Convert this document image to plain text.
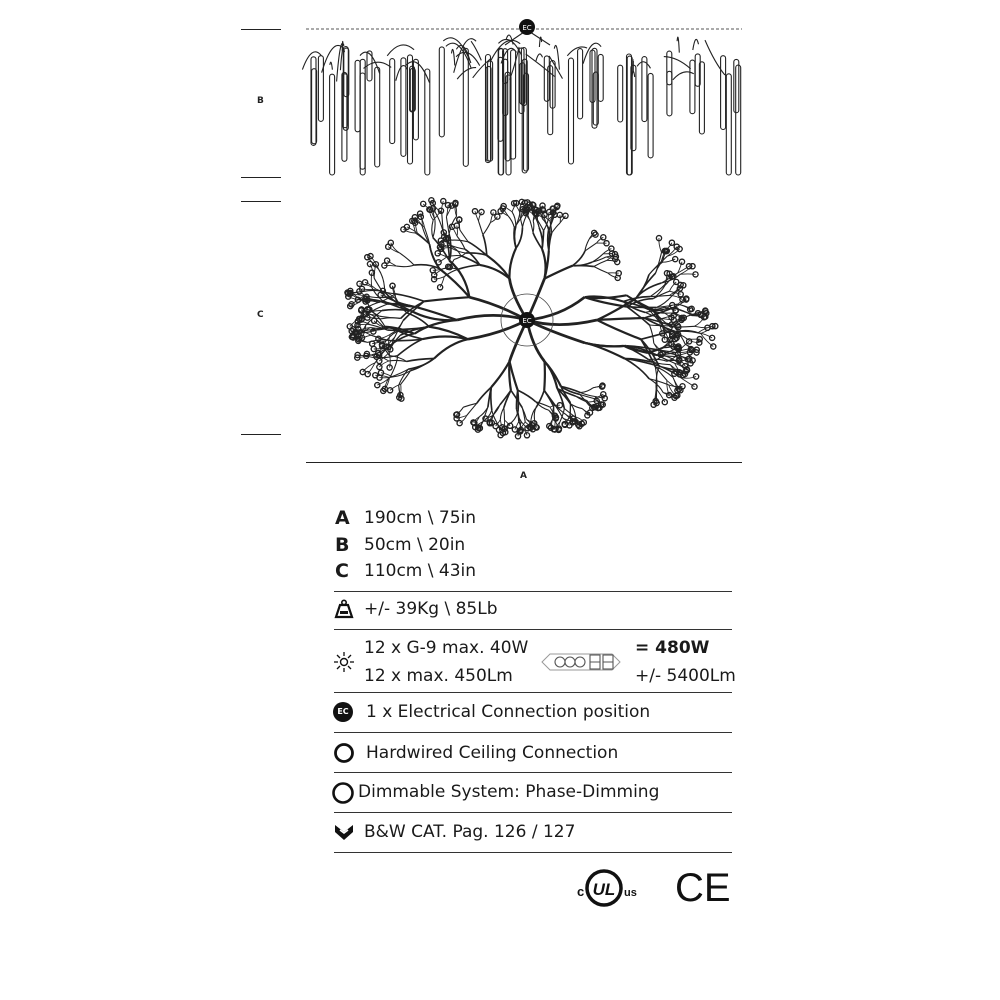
B
C
A
EC
EC
A 190cm \ 75in
B 50cm \ 20in
C 110cm \ 43in
+/- 39Kg \ 85Lb
12 x G-9 max. 40W
12 x max. 450Lm
= 480W
+/- 5400Lm
EC 1 x Electrical Connection position
Hardwired Ceiling Connection
Dimmable System: Phase-Dimming
B&W CAT. Pag. 126 / 127
c UL us CE
